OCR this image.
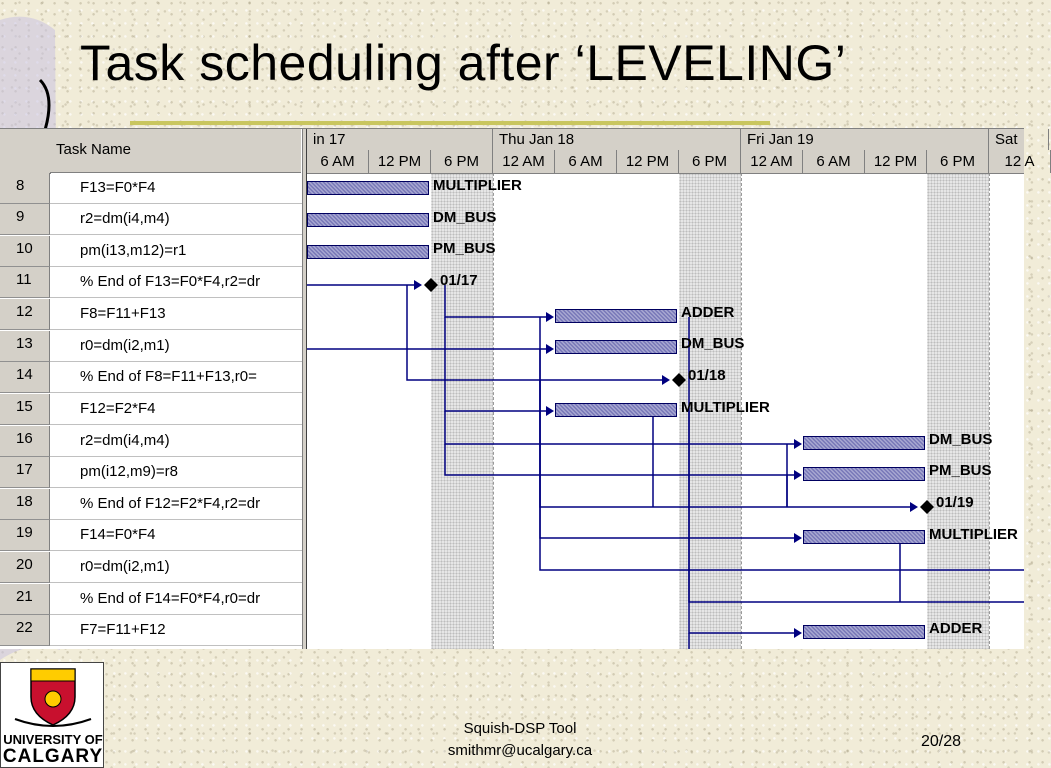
Task scheduling after ‘LEVELING’
Task Name
8	F13=F0*F4
9	r2=dm(i4,m4)
10	pm(i13,m12)=r1
11	% End of F13=F0*F4,r2=dr
12	F8=F11+F13
13	r0=dm(i2,m1)
14	% End of F8=F11+F13,r0=
15	F12=F2*F4
16	r2=dm(i4,m4)
17	pm(i12,m9)=r8
18	% End of F12=F2*F4,r2=dr
19	F14=F0*F4
20	r0=dm(i2,m1)
21	% End of F14=F0*F4,r0=dr
22	F7=F11+F12
in 17	Thu Jan 18	Fri Jan 19	Sat
6 AM	12 PM	6 PM	12 AM	6 AM	12 PM	6 PM	12 AM	6 AM	12 PM	6 PM	12 A
MULTIPLIER
DM_BUS
PM_BUS
ADDER
DM_BUS
MULTIPLIER
DM_BUS
PM_BUS
MULTIPLIER
ADDER
01/17
01/18
01/19
UNIVERSITY OF
CALGARY
Squish-DSP Tool
smithmr@ucalgary.ca
20/28
